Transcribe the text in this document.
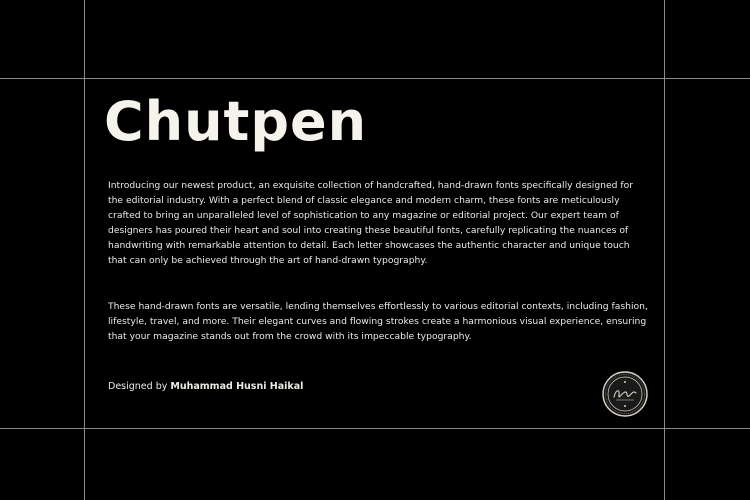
Chutpen

Introducing our newest product, an exquisite collection of handcrafted, hand-drawn fonts specifically designed for the editorial industry. With a perfect blend of classic elegance and modern charm, these fonts are meticulously crafted to bring an unparalleled level of sophistication to any magazine or editorial project. Our expert team of designers has poured their heart and soul into creating these beautiful fonts, carefully replicating the nuances of handwriting with remarkable attention to detail. Each letter showcases the authentic character and unique touch that can only be achieved through the art of hand-drawn typography.

These hand-drawn fonts are versatile, lending themselves effortlessly to various editorial contexts, including fashion, lifestyle, travel, and more. Their elegant curves and flowing strokes create a harmonious visual experience, ensuring that your magazine stands out from the crowd with its impeccable typography.

Designed by Muhammad Husni Haikal
